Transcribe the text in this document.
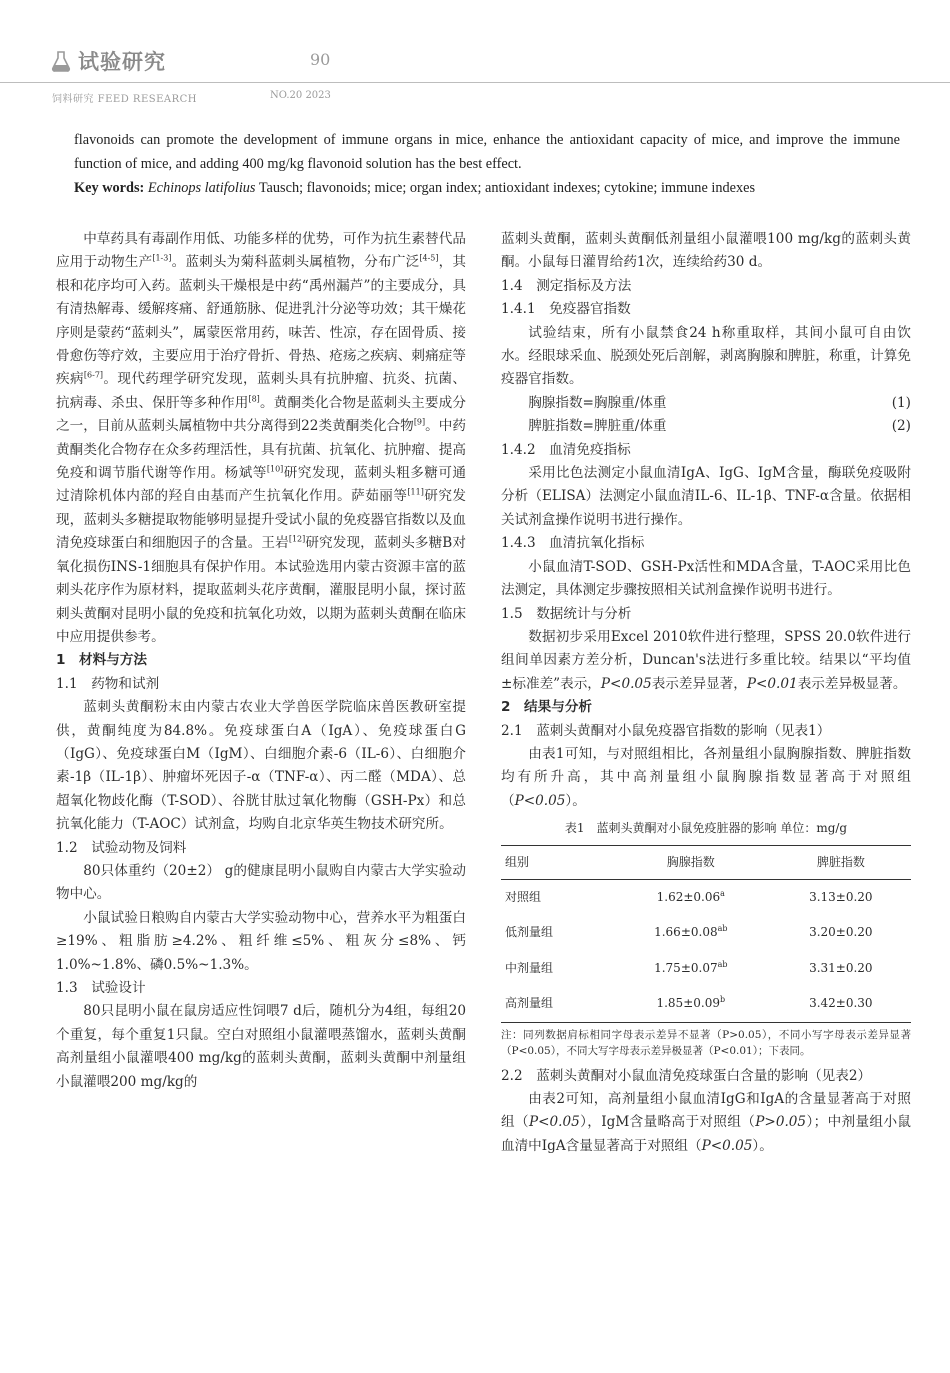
试验研究	90
饲料研究 FEED RESEARCH	NO.20 2023
flavonoids can promote the development of immune organs in mice, enhance the antioxidant capacity of mice, and improve the immune function of mice, and adding 400 mg/kg flavonoid solution has the best effect.
Key words: Echinops latifolius Tausch; flavonoids; mice; organ index; antioxidant indexes; cytokine; immune indexes

中草药具有毒副作用低、功能多样的优势，可作为抗生素替代品应用于动物生产[1-3]。蓝刺头为菊科蓝刺头属植物，分布广泛[4-5]，其根和花序均可入药。蓝刺头干燥根是中药“禹州漏芦”的主要成分，具有清热解毒、缓解疼痛、舒通筋脉、促进乳汁分泌等功效；其干燥花序则是蒙药“蓝刺头”，属蒙医常用药，味苦、性凉，存在固骨质、接骨愈伤等疗效，主要应用于治疗骨折、骨热、疮疡之疾病、刺痛症等疾病[6-7]。现代药理学研究发现，蓝刺头具有抗肿瘤、抗炎、抗菌、抗病毒、杀虫、保肝等多种作用[8]。黄酮类化合物是蓝刺头主要成分之一，目前从蓝刺头属植物中共分离得到22类黄酮类化合物[9]。中药黄酮类化合物存在众多药理活性，具有抗菌、抗氧化、抗肿瘤、提高免疫和调节脂代谢等作用。杨斌等[10]研究发现，蓝刺头粗多糖可通过清除机体内部的羟自由基而产生抗氧化作用。萨茹丽等[11]研究发现，蓝刺头多糖提取物能够明显提升受试小鼠的免疫器官指数以及血清免疫球蛋白和细胞因子的含量。王岩[12]研究发现，蓝刺头多糖B对氧化损伤INS-1细胞具有保护作用。本试验选用内蒙古资源丰富的蓝刺头花序作为原材料，提取蓝刺头花序黄酮，灌服昆明小鼠，探讨蓝刺头黄酮对昆明小鼠的免疫和抗氧化功效，以期为蓝刺头黄酮在临床中应用提供参考。

1　材料与方法
1.1　药物和试剂

蓝刺头黄酮粉末由内蒙古农业大学兽医学院临床兽医教研室提供，黄酮纯度为84.8%。免疫球蛋白A（IgA）、免疫球蛋白G（IgG）、免疫球蛋白M（IgM）、白细胞介素-6（IL-6）、白细胞介素-1β（IL-1β）、肿瘤坏死因子-α（TNF-α）、丙二醛（MDA）、总超氧化物歧化酶（T-SOD）、谷胱甘肽过氧化物酶（GSH-Px）和总抗氧化能力（T-AOC）试剂盒，均购自北京华英生物技术研究所。

1.2　试验动物及饲料

80只体重约（20±2） g的健康昆明小鼠购自内蒙古大学实验动物中心。

小鼠试验日粮购自内蒙古大学实验动物中心，营养水平为粗蛋白≥19%、粗脂肪≥4.2%、粗纤维≤5%、粗灰分≤8%、钙1.0%~1.8%、磷0.5%~1.3%。

1.3　试验设计

80只昆明小鼠在鼠房适应性饲喂7 d后，随机分为4组，每组20个重复，每个重复1只鼠。空白对照组小鼠灌喂蒸馏水，蓝刺头黄酮高剂量组小鼠灌喂400 mg/kg的蓝刺头黄酮，蓝刺头黄酮中剂量组小鼠灌喂200 mg/kg的

蓝刺头黄酮，蓝刺头黄酮低剂量组小鼠灌喂100 mg/kg的蓝刺头黄酮。小鼠每日灌胃给药1次，连续给药30 d。

1.4　测定指标及方法
1.4.1　免疫器官指数

试验结束，所有小鼠禁食24 h称重取样，其间小鼠可自由饮水。经眼球采血、脱颈处死后剖解，剥离胸腺和脾脏，称重，计算免疫器官指数。

胸腺指数=胸腺重/体重	(1)
脾脏指数=脾脏重/体重	(2)
1.4.2　血清免疫指标

采用比色法测定小鼠血清IgA、IgG、IgM含量，酶联免疫吸附分析（ELISA）法测定小鼠血清IL-6、IL-1β、TNF-α含量。依据相关试剂盒操作说明书进行操作。

1.4.3　血清抗氧化指标

小鼠血清T-SOD、GSH-Px活性和MDA含量，T-AOC采用比色法测定，具体测定步骤按照相关试剂盒操作说明书进行。

1.5　数据统计与分析

数据初步采用Excel 2010软件进行整理，SPSS 20.0软件进行组间单因素方差分析，Duncan's法进行多重比较。结果以“平均值±标准差”表示，P<0.05表示差异显著，P<0.01表示差异极显著。

2　结果与分析
2.1　蓝刺头黄酮对小鼠免疫器官指数的影响（见表1）

由表1可知，与对照组相比，各剂量组小鼠胸腺指数、脾脏指数均有所升高，其中高剂量组小鼠胸腺指数显著高于对照组（P<0.05）。

表1　蓝刺头黄酮对小鼠免疫脏器的影响 单位：mg/g
组别	胸腺指数	脾脏指数
对照组	1.62±0.06$^a$	3.13±0.20
低剂量组	1.66±0.08$^{ab}$	3.20±0.20
中剂量组	1.75±0.07$^{ab}$	3.31±0.20
高剂量组	1.85±0.09$^b$	3.42±0.30
注：同列数据肩标相同字母表示差异不显著（P>0.05），不同小写字母表示差异显著（P<0.05），不同大写字母表示差异极显著（P<0.01）；下表同。
2.2　蓝刺头黄酮对小鼠血清免疫球蛋白含量的影响（见表2）

由表2可知，高剂量组小鼠血清IgG和IgA的含量显著高于对照组（P<0.05），IgM含量略高于对照组（P>0.05）；中剂量组小鼠血清中IgA含量显著高于对照组（P<0.05）。
